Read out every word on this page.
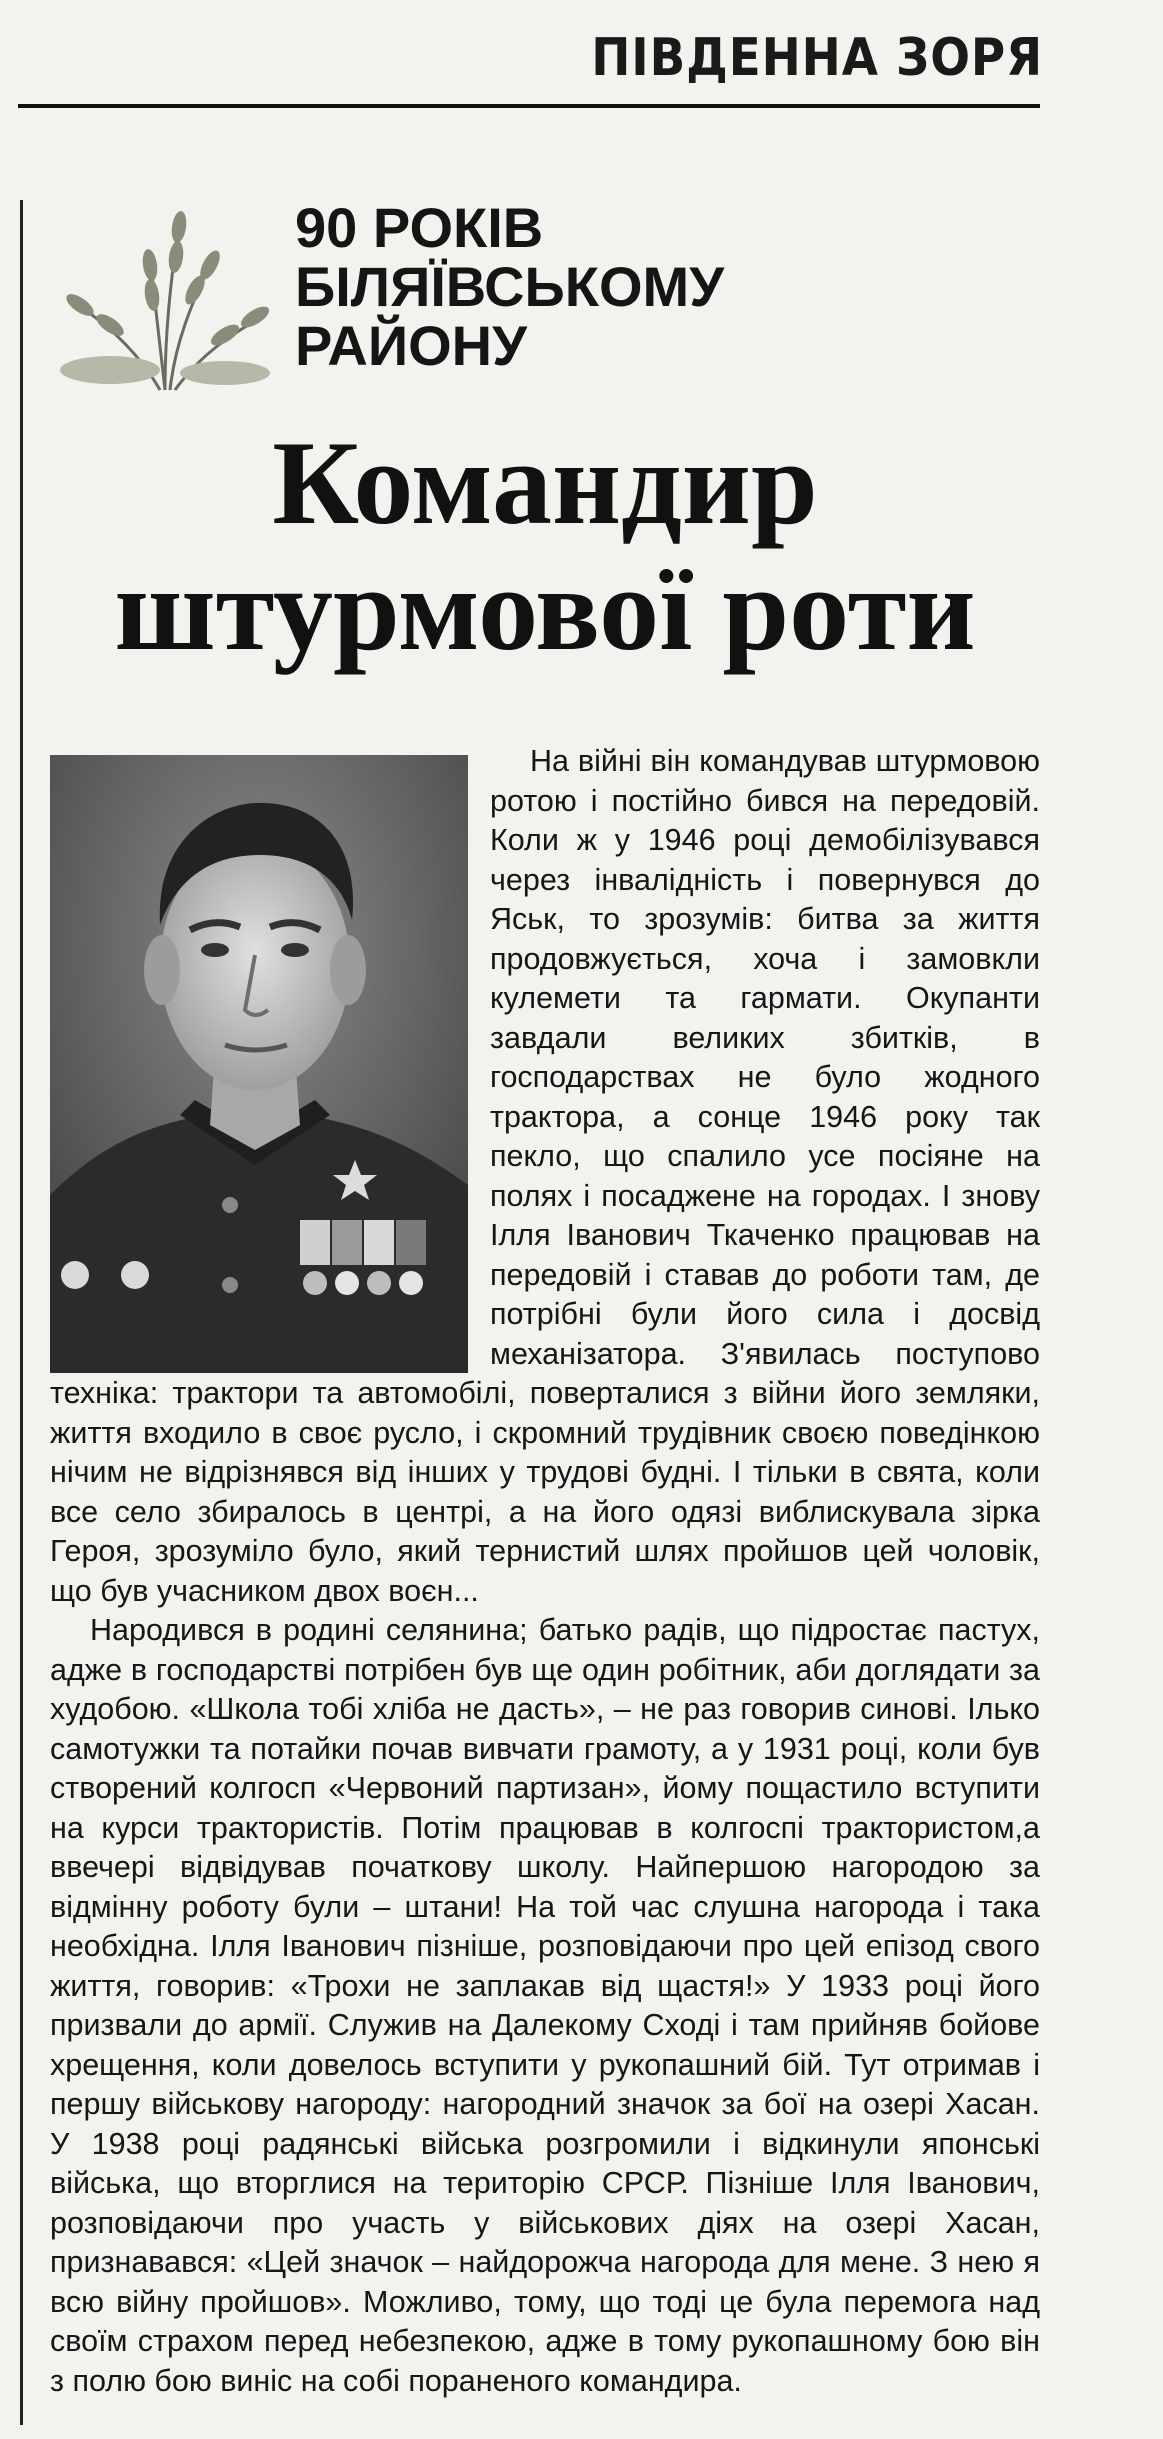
ПІВДЕННА ЗОРЯ
90 РОКІВ
БІЛЯЇВСЬКОМУ
РАЙОНУ
Командир
штурмової роти

На війні він командував штурмовою ротою і постійно бився на передовій. Коли ж у 1946 році демобілізувався через інвалідність і повернувся до Яськ, то зрозумів: битва за життя продовжується, хоча і замовкли кулемети та гармати. Окупанти завдали великих збитків, в господарствах не було жодного трактора, а сонце 1946 року так пекло, що спалило усе посіяне на полях і посаджене на городах. І знову Ілля Іванович Ткаченко працював на передовій і ставав до роботи там, де потрібні були його сила і досвід механізатора. З'явилась поступово техніка: трактори та автомобілі, поверталися з війни його земляки, життя входило в своє русло, і скромний трудівник своєю поведінкою нічим не відрізнявся від інших у трудові будні. І тільки в свята, коли все село збиралось в центрі, а на його одязі виблискувала зірка Героя, зрозуміло було, який тернистий шлях пройшов цей чоловік, що був учасником двох воєн...

Народився в родині селянина; батько радів, що підростає пастух, адже в господарстві потрібен був ще один робітник, аби доглядати за худобою. «Школа тобі хліба не дасть», – не раз говорив синові. Ілько самотужки та потайки почав вивчати грамоту, а у 1931 році, коли був створений колгосп «Червоний партизан», йому пощастило вступити на курси трактористів. Потім працював в колгоспі трактористом,а ввечері відвідував початкову школу. Найпершою нагородою за відмінну роботу були – штани! На той час слушна нагорода і така необхідна. Ілля Іванович пізніше, розповідаючи про цей епізод свого життя, говорив: «Трохи не заплакав від щастя!» У 1933 році його призвали до армії. Служив на Далекому Сході і там прийняв бойове хрещення, коли довелось вступити у рукопашний бій. Тут отримав і першу військову нагороду: нагородний значок за бої на озері Хасан. У 1938 році радянські війська розгромили і відкинули японські війська, що вторглися на територію СРСР. Пізніше Ілля Іванович, розповідаючи про участь у військових діях на озері Хасан, признавався: «Цей значок – найдорожча нагорода для мене. З нею я всю війну пройшов». Можливо, тому, що тоді це була перемога над своїм страхом перед небезпекою, адже в тому рукопашному бою він з полю бою виніс на собі пораненого командира.
